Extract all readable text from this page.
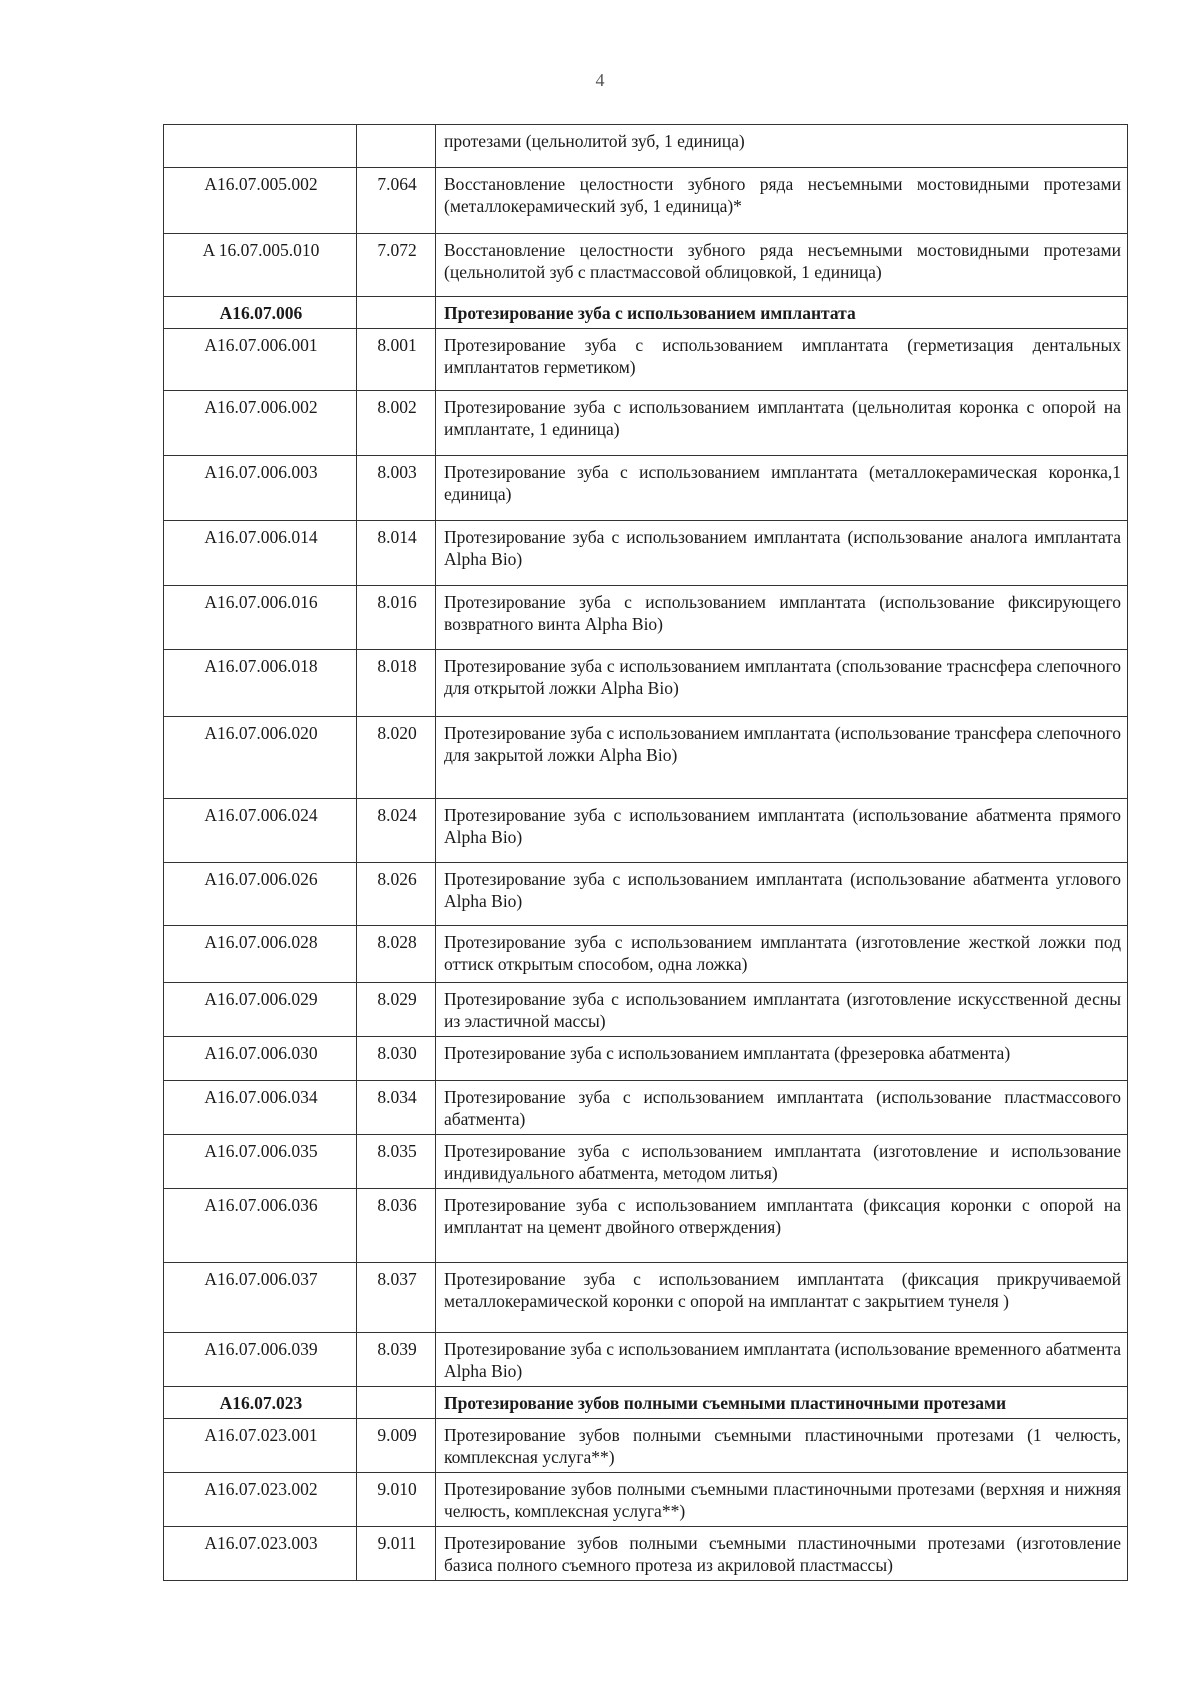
4
		протезами (цельнолитой зуб, 1 единица)
A16.07.005.002	7.064	Восстановление целостности зубного ряда несъемными мостовидными протезами (металлокерамический зуб, 1 единица)*
A 16.07.005.010	7.072	Восстановление целостности зубного ряда несъемными мостовидными протезами (цельнолитой зуб с пластмассовой облицовкой, 1 единица)
A16.07.006		Протезирование зуба с использованием имплантата
A16.07.006.001	8.001	Протезирование зуба с использованием имплантата (герметизация дентальных имплантатов герметиком)
A16.07.006.002	8.002	Протезирование зуба с использованием имплантата (цельнолитая коронка с опорой на имплантате, 1 единица)
A16.07.006.003	8.003	Протезирование зуба с использованием имплантата (металлокерамическая коронка,1 единица)
A16.07.006.014	8.014	Протезирование зуба с использованием имплантата (использование аналога имплантата Alpha Bio)
A16.07.006.016	8.016	Протезирование зуба с использованием имплантата (использование фиксирующего возвратного винта Alpha Bio)
A16.07.006.018	8.018	Протезирование зуба с использованием имплантата (спользование траснсфера слепочного для открытой ложки Alpha Bio)
A16.07.006.020	8.020	Протезирование зуба с использованием имплантата (использование трансфера слепочного для закрытой ложки Alpha Bio)
A16.07.006.024	8.024	Протезирование зуба с использованием имплантата (использование абатмента прямого Alpha Bio)
A16.07.006.026	8.026	Протезирование зуба с использованием имплантата (использование абатмента углового Alpha Bio)
A16.07.006.028	8.028	Протезирование зуба с использованием имплантата (изготовление жесткой ложки под оттиск открытым способом, одна ложка)
A16.07.006.029	8.029	Протезирование зуба с использованием имплантата (изготовление искусственной десны из эластичной массы)
A16.07.006.030	8.030	Протезирование зуба с использованием имплантата (фрезеровка абатмента)
A16.07.006.034	8.034	Протезирование зуба с использованием имплантата (использование пластмассового абатмента)
A16.07.006.035	8.035	Протезирование зуба с использованием имплантата (изготовление и использование индивидуального абатмента, методом литья)
A16.07.006.036	8.036	Протезирование зуба с использованием имплантата (фиксация коронки с опорой на имплантат на цемент двойного отверждения)
A16.07.006.037	8.037	Протезирование зуба с использованием имплантата (фиксация прикручиваемой металлокерамической коронки с опорой на имплантат с закрытием тунеля )
A16.07.006.039	8.039	Протезирование зуба с использованием имплантата (использование временного абатмента Alpha Bio)
A16.07.023		Протезирование зубов полными съемными пластиночными протезами
A16.07.023.001	9.009	Протезирование зубов полными съемными пластиночными протезами (1 челюсть, комплексная услуга**)
A16.07.023.002	9.010	Протезирование зубов полными съемными пластиночными протезами (верхняя и нижняя челюсть, комплексная услуга**)
A16.07.023.003	9.011	Протезирование зубов полными съемными пластиночными протезами (изготовление базиса полного съемного протеза из акриловой пластмассы)
